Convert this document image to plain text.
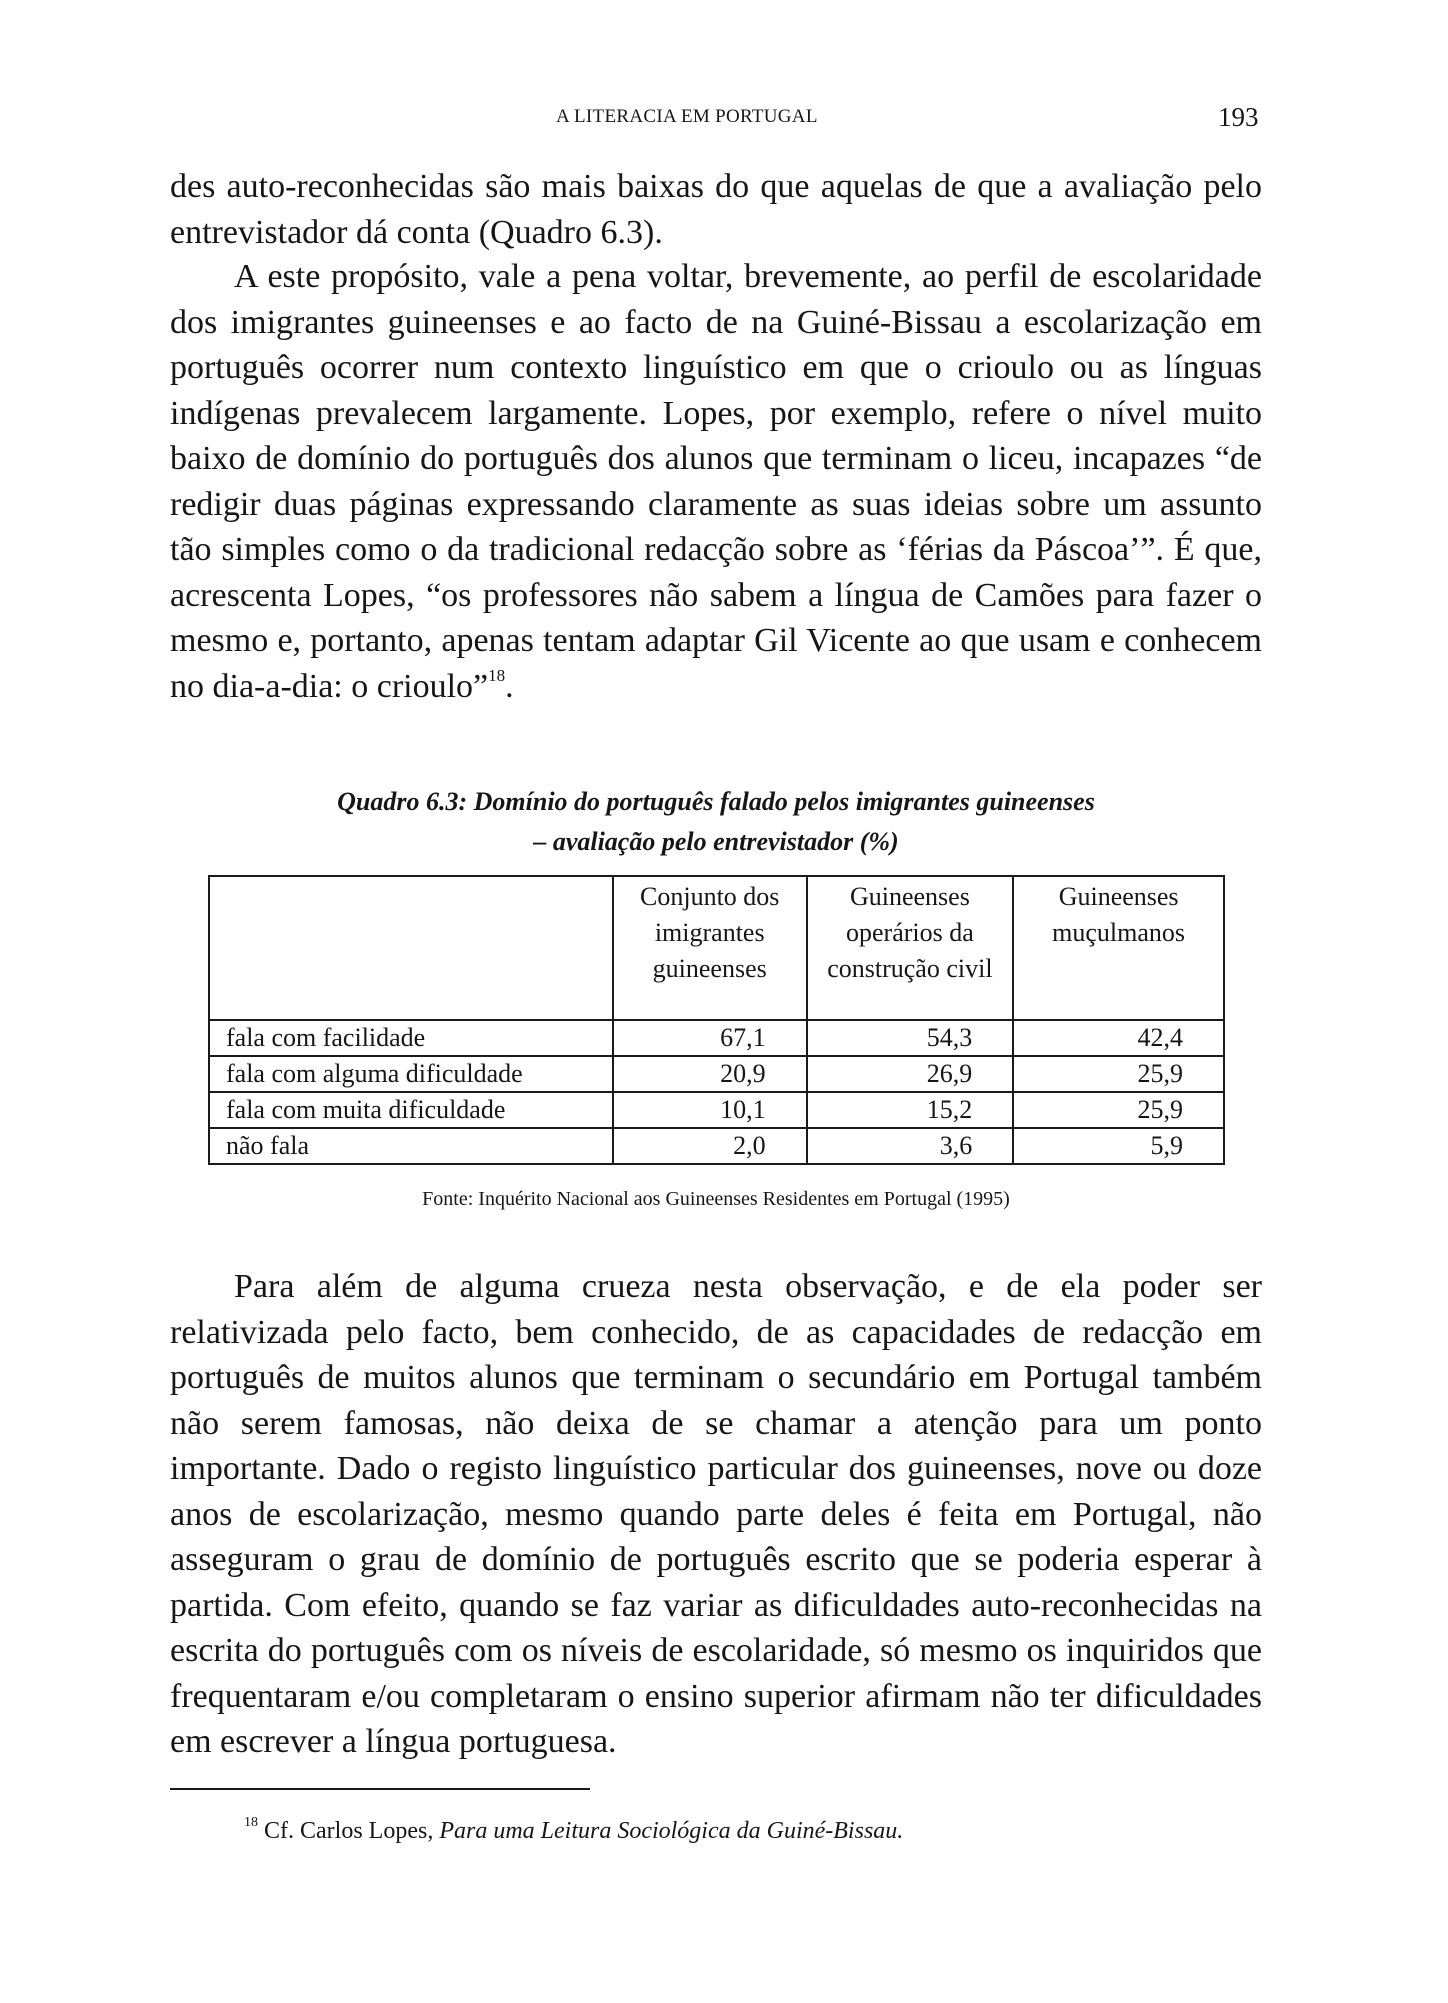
A LITERACIA EM PORTUGAL	193

des auto-reconhecidas são mais baixas do que aquelas de que a avaliação pelo entrevistador dá conta (Quadro 6.3).

A este propósito, vale a pena voltar, brevemente, ao perfil de escolaridade dos imigrantes guineenses e ao facto de na Guiné-Bissau a escolarização em português ocorrer num contexto linguístico em que o crioulo ou as línguas indígenas prevalecem largamente. Lopes, por exemplo, refere o nível muito baixo de domínio do português dos alunos que terminam o liceu, incapazes “de redigir duas páginas expressando claramente as suas ideias sobre um assunto tão simples como o da tradicional redacção sobre as ‘férias da Páscoa’”. É que, acrescenta Lopes, “os professores não sabem a língua de Camões para fazer o mesmo e, portanto, apenas tentam adaptar Gil Vicente ao que usam e conhecem no dia-a-dia: o crioulo”$^{18}$.

Quadro 6.3: Domínio do português falado pelos imigrantes guineenses
– avaliação pelo entrevistador (%)
	Conjunto dos imigrantes guineenses	Guineenses operários da construção civil	Guineenses muçulmanos
fala com facilidade	67,1	54,3	42,4
fala com alguma dificuldade	20,9	26,9	25,9
fala com muita dificuldade	10,1	15,2	25,9
não fala	2,0	3,6	5,9
Fonte: Inquérito Nacional aos Guineenses Residentes em Portugal (1995)

Para além de alguma crueza nesta observação, e de ela poder ser relativizada pelo facto, bem conhecido, de as capacidades de redacção em português de muitos alunos que terminam o secundário em Portugal também não serem famosas, não deixa de se chamar a atenção para um ponto importante. Dado o registo linguístico particular dos guineenses, nove ou doze anos de escolarização, mesmo quando parte deles é feita em Portugal, não asseguram o grau de domínio de português escrito que se poderia esperar à partida. Com efeito, quando se faz variar as dificuldades auto-reconhecidas na escrita do português com os níveis de escolaridade, só mesmo os inquiridos que frequentaram e/ou completaram o ensino superior afirmam não ter dificuldades em escrever a língua portuguesa.

$^{18}$ Cf. Carlos Lopes, Para uma Leitura Sociológica da Guiné-Bissau.
